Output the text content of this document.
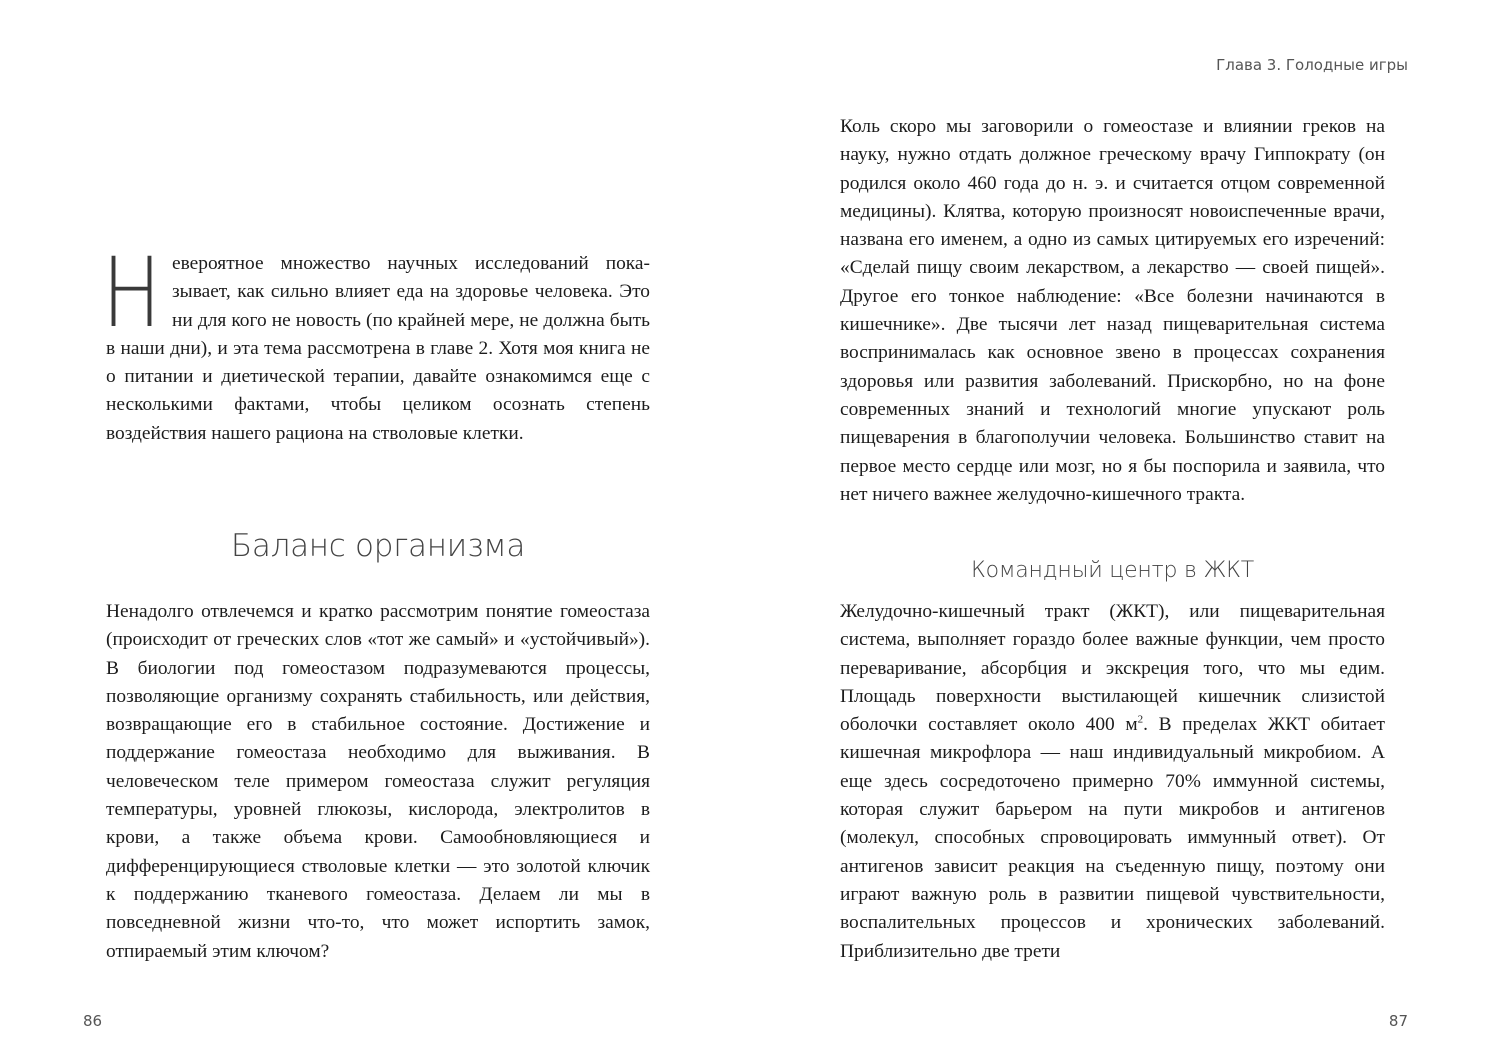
Невероятное множество научных исследований показывает, как сильно влияет еда на здоровье человека. Это ни для кого не новость (по крайней мере, не должна быть в наши дни), и эта тема рассмотрена в главе 2. Хотя моя книга не о питании и диетической терапии, давайте ознакомимся еще с несколькими фактами, чтобы целиком осознать степень воздействия нашего рациона на стволовые клетки.

Баланс организма

Ненадолго отвлечемся и кратко рассмотрим понятие гомеостаза (происходит от греческих слов «тот же самый» и «устойчивый»). В биологии под гомеостазом подразумеваются процессы, позволяющие организму сохранять стабильность, или действия, возвращающие его в стабильное состояние. Достижение и поддержание гомеостаза необходимо для выживания. В человеческом теле примером гомеостаза служит регуляция температуры, уровней глюкозы, кислорода, электролитов в крови, а также объема крови. Самообновляющиеся и дифференцирующиеся стволовые клетки — это золотой ключик к поддержанию тканевого гомеостаза. Делаем ли мы в повседневной жизни что-то, что может испортить замок, отпираемый этим ключом?

86
Глава 3. Голодные игры

Коль скоро мы заговорили о гомеостазе и влиянии греков на науку, нужно отдать должное греческому врачу Гиппократу (он родился около 460 года до н. э. и считается отцом современной медицины). Клятва, которую произносят новоиспеченные врачи, названа его именем, а одно из самых цитируемых его изречений: «Сделай пищу своим лекарством, а лекарство — своей пищей». Другое его тонкое наблюдение: «Все болезни начинаются в кишечнике». Две тысячи лет назад пищеварительная система воспринималась как основное звено в процессах сохранения здоровья или развития заболеваний. Прискорбно, но на фоне современных знаний и технологий многие упускают роль пищеварения в благополучии человека. Большинство ставит на первое место сердце или мозг, но я бы поспорила и заявила, что нет ничего важнее желудочно-кишечного тракта.

Командный центр в ЖКТ

Желудочно-кишечный тракт (ЖКТ), или пищеварительная система, выполняет гораздо более важные функции, чем просто переваривание, абсорбция и экскреция того, что мы едим. Площадь поверхности выстилающей кишечник слизистой оболочки составляет около 400 $м^2$. В пределах ЖКТ обитает кишечная микрофлора — наш индивидуальный микробиом. А еще здесь сосредоточено примерно 70% иммунной системы, которая служит барьером на пути микробов и антигенов (молекул, способных спровоцировать иммунный ответ). От антигенов зависит реакция на съеденную пищу, поэтому они играют важную роль в развитии пищевой чувствительности, воспалительных процессов и хронических заболеваний. Приблизительно две трети

87
